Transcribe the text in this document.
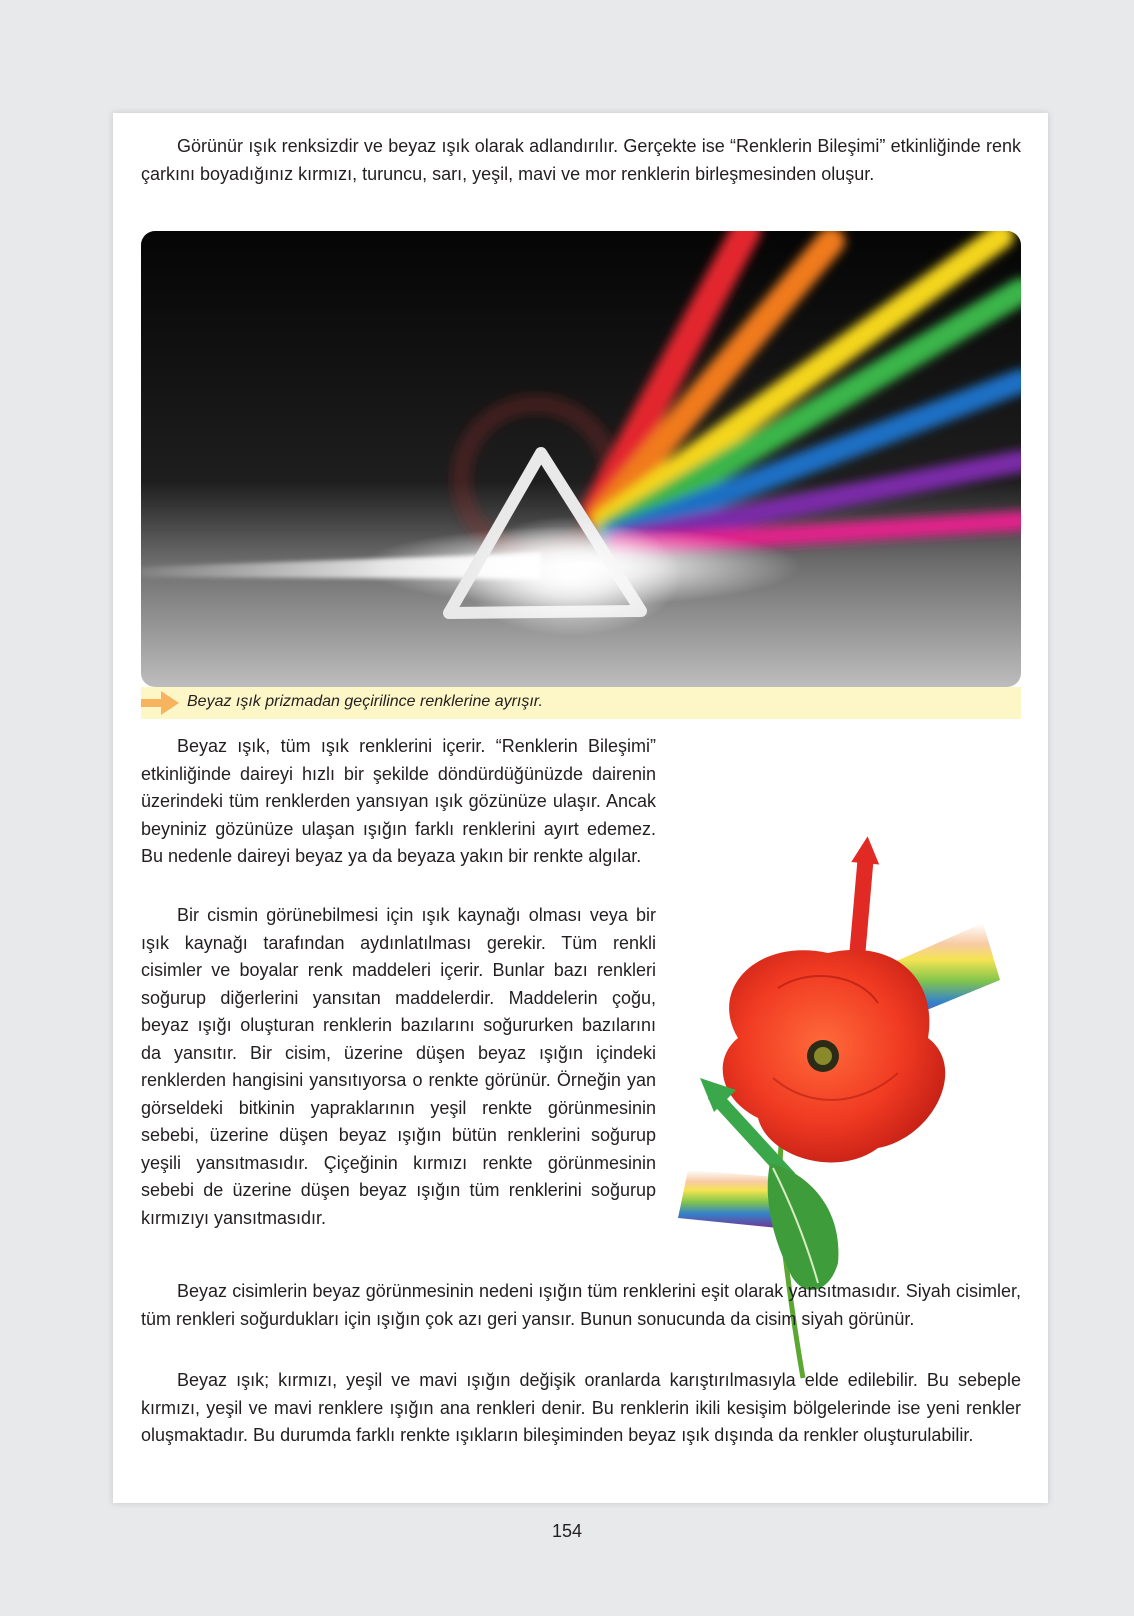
Görünür ışık renksizdir ve beyaz ışık olarak adlandırılır. Gerçekte ise “Renklerin Bileşimi” etkinliğinde renk çarkını boyadığınız kırmızı, turuncu, sarı, yeşil, mavi ve mor renklerin birleşmesinden oluşur.

Beyaz ışık prizmadan geçirilince renklerine ayrışır.

Beyaz ışık, tüm ışık renklerini içerir. “Renklerin Bileşimi” etkinliğinde daireyi hızlı bir şekilde döndürdüğünüzde dairenin üzerindeki tüm renklerden yansıyan ışık gözünüze ulaşır. Ancak beyniniz gözünüze ulaşan ışığın farklı renklerini ayırt edemez. Bu nedenle daireyi beyaz ya da beyaza yakın bir renkte algılar.

Bir cismin görünebilmesi için ışık kaynağı olması veya bir ışık kaynağı tarafından aydınlatılması gerekir. Tüm renkli cisimler ve boyalar renk maddeleri içerir. Bunlar bazı renkleri soğurup diğerlerini yansıtan maddelerdir. Maddelerin çoğu, beyaz ışığı oluşturan renklerin bazılarını soğururken bazılarını da yansıtır. Bir cisim, üzerine düşen beyaz ışığın içindeki renklerden hangisini yansıtıyorsa o renkte görünür. Örneğin yan görseldeki bitkinin yapraklarının yeşil renkte görünmesinin sebebi, üzerine düşen beyaz ışığın bütün renklerini soğurup yeşili yansıtmasıdır. Çiçeğinin kırmızı renkte görünmesinin sebebi de üzerine düşen beyaz ışığın tüm renklerini soğurup kırmızıyı yansıtmasıdır.

Beyaz cisimlerin beyaz görünmesinin nedeni ışığın tüm renklerini eşit olarak yansıtmasıdır. Siyah cisimler, tüm renkleri soğurdukları için ışığın çok azı geri yansır. Bunun sonucunda da cisim siyah görünür.

Beyaz ışık; kırmızı, yeşil ve mavi ışığın değişik oranlarda karıştırılmasıyla elde edilebilir. Bu sebeple kırmızı, yeşil ve mavi renklere ışığın ana renkleri denir. Bu renklerin ikili kesişim bölgelerinde ise yeni renkler oluşmaktadır. Bu durumda farklı renkte ışıkların bileşiminden beyaz ışık dışında da renkler oluşturulabilir.

154
